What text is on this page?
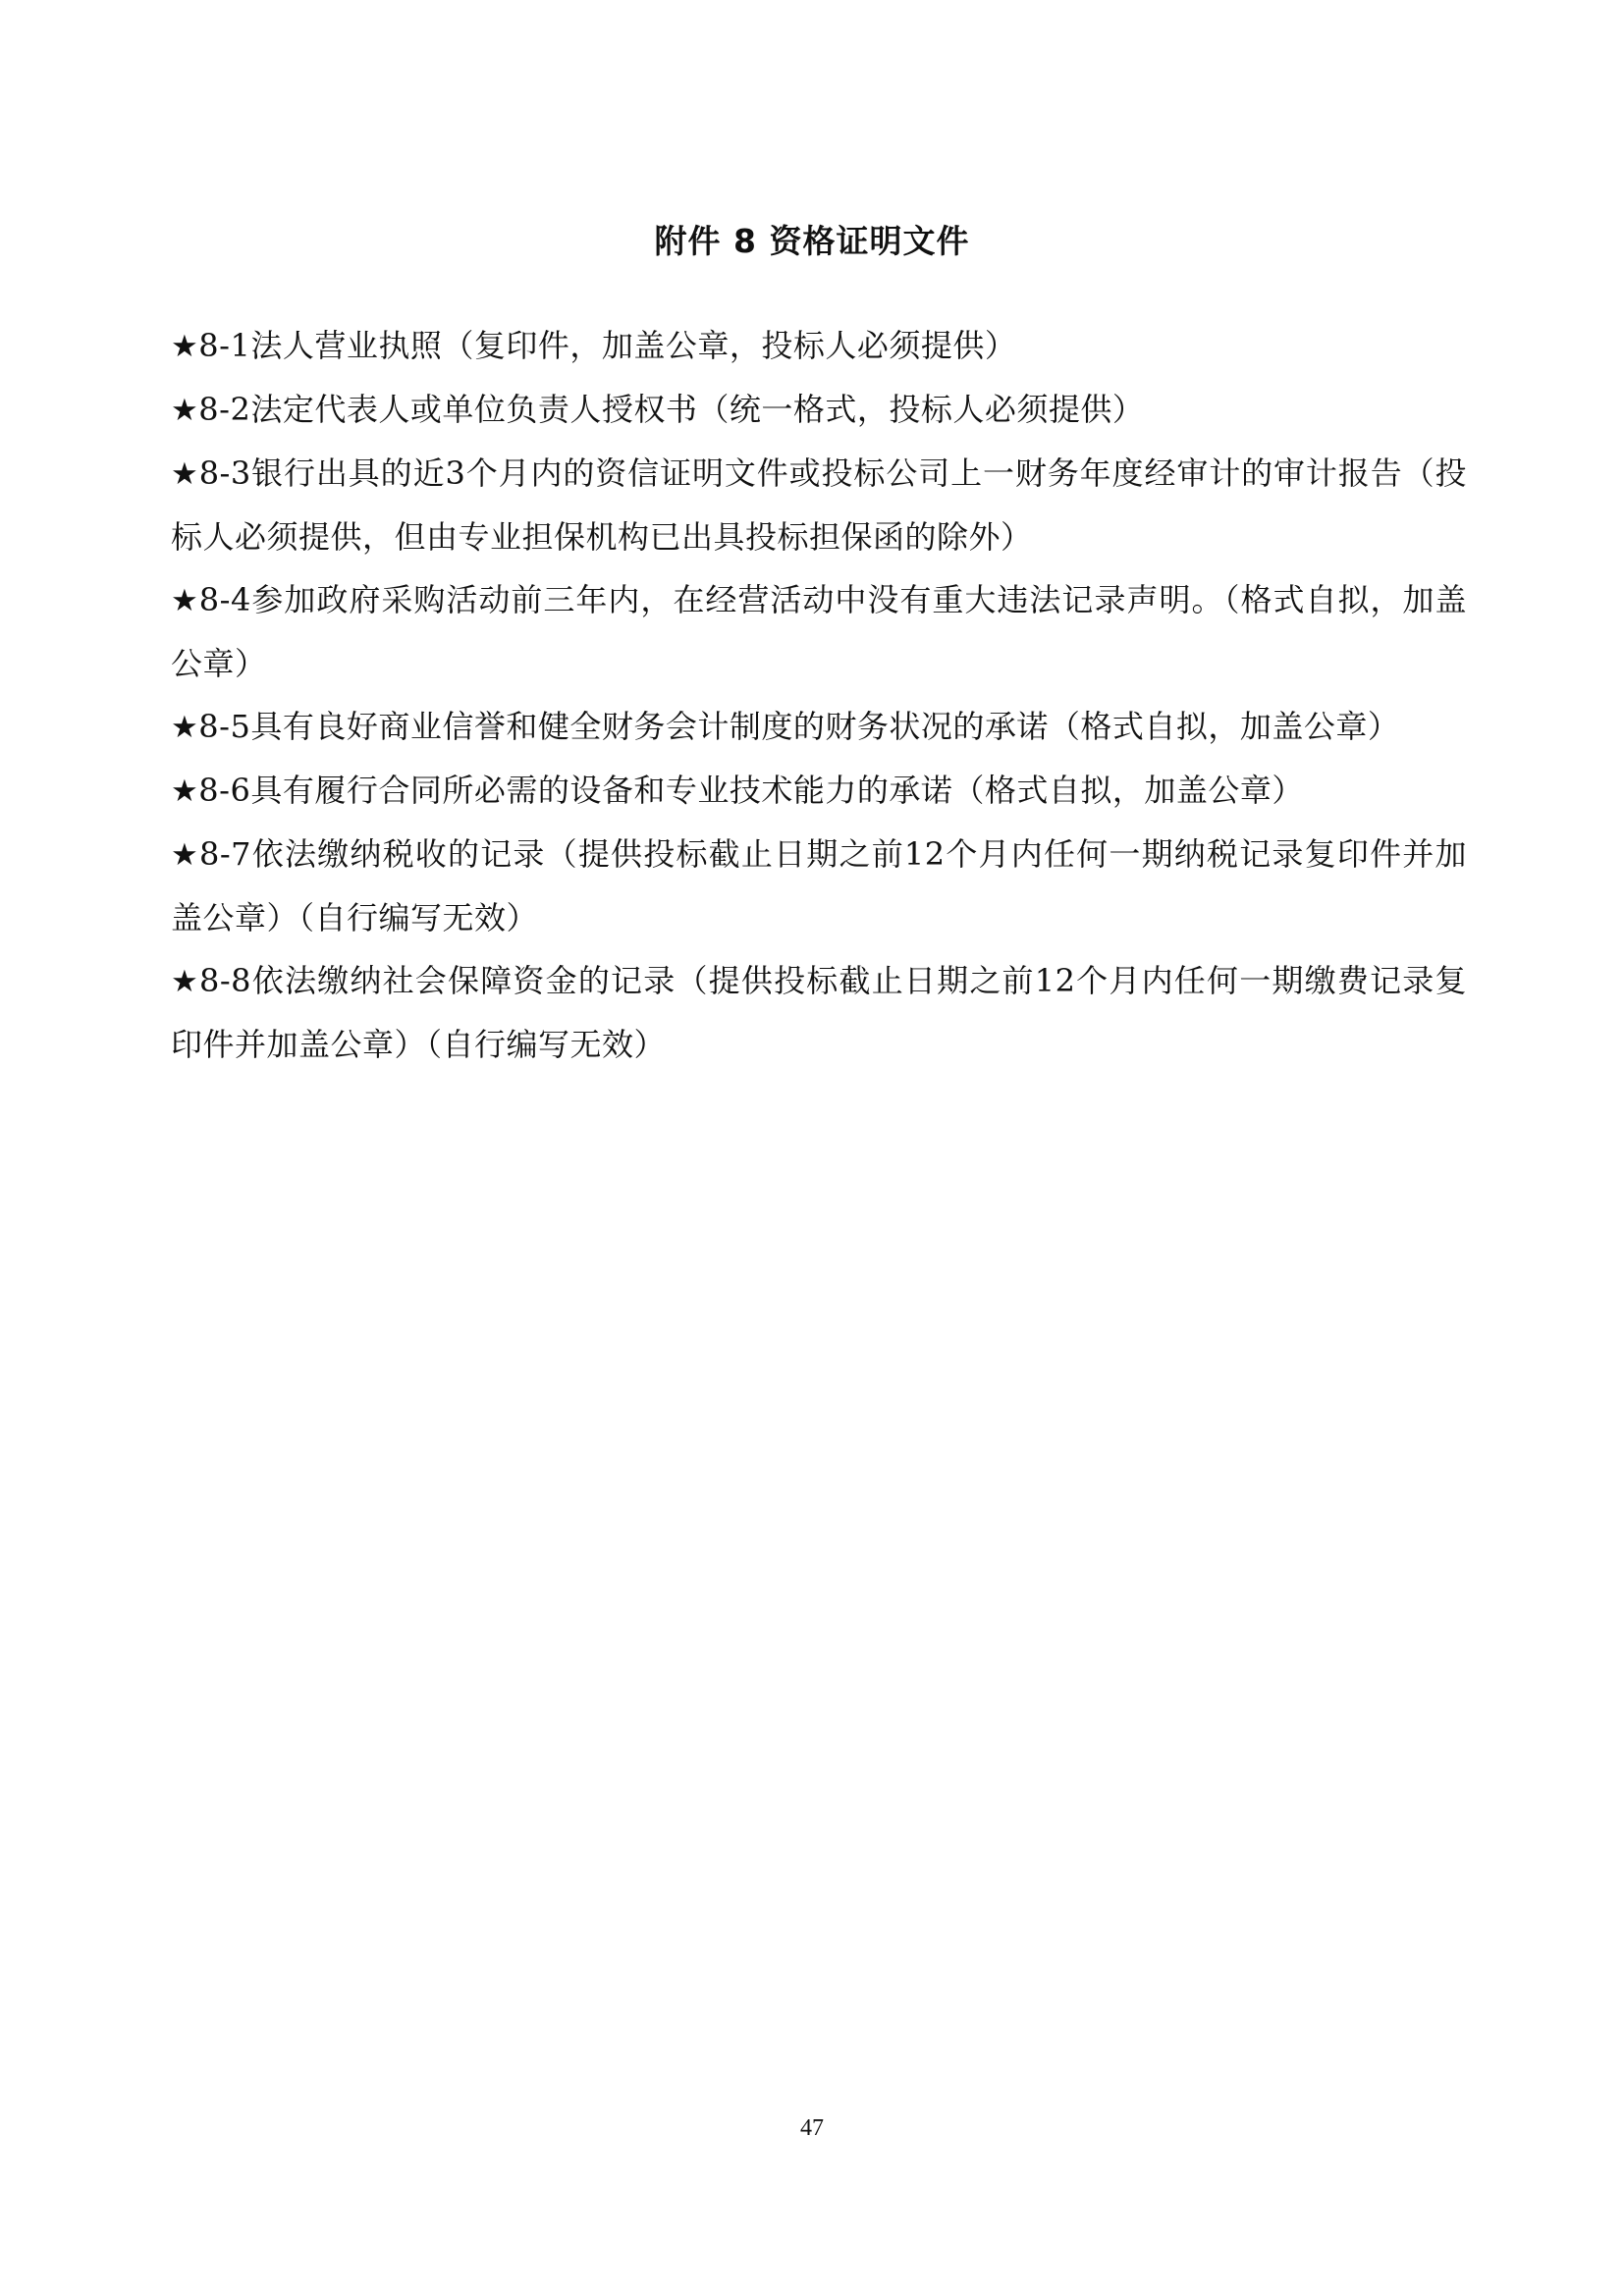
附件 8 资格证明文件
★8-1法人营业执照（复印件，加盖公章，投标人必须提供）
★8-2法定代表人或单位负责人授权书（统一格式，投标人必须提供）
★8-3银行出具的近3个月内的资信证明文件或投标公司上一财务年度经审计的审计报告（投标人必须提供，但由专业担保机构已出具投标担保函的除外）
★8-4参加政府采购活动前三年内，在经营活动中没有重大违法记录声明。（格式自拟，加盖公章）
★8-5具有良好商业信誉和健全财务会计制度的财务状况的承诺（格式自拟，加盖公章）
★8-6具有履行合同所必需的设备和专业技术能力的承诺（格式自拟，加盖公章）
★8-7依法缴纳税收的记录（提供投标截止日期之前12个月内任何一期纳税记录复印件并加盖公章）（自行编写无效）
★8-8依法缴纳社会保障资金的记录（提供投标截止日期之前12个月内任何一期缴费记录复印件并加盖公章）（自行编写无效）
47
